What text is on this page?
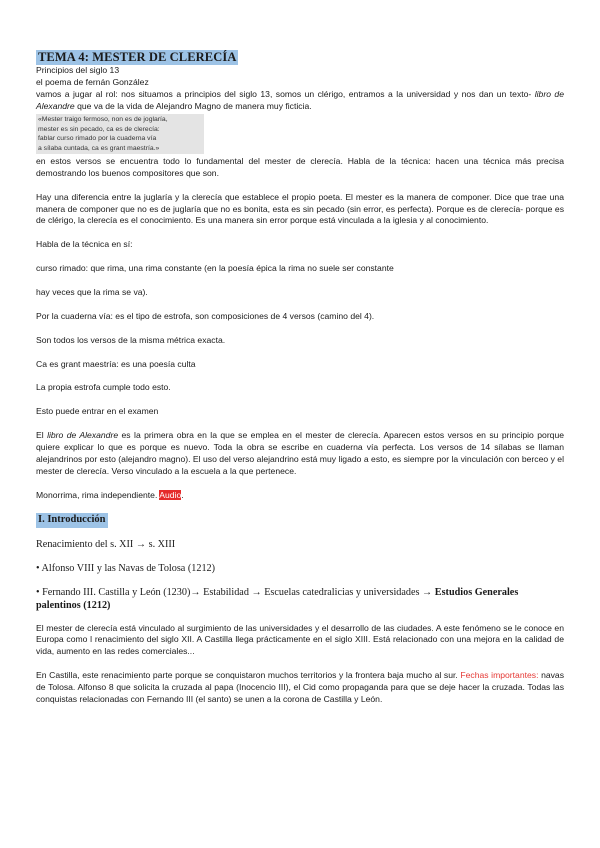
TEMA 4: MESTER DE CLERECÍA

Principios del siglo 13

el poema de fernán González

vamos a jugar al rol: nos situamos a principios del siglo 13, somos un clérigo, entramos a la universidad y nos dan un texto- libro de Alexandre que va de la vida de Alejandro Magno de manera muy ficticia.

«Mester traigo fermoso, non es de joglaría,
mester es sin pecado, ca es de clerecía:
fablar curso rimado por la cuaderna vía
a sílaba cuntada, ca es grant maestría.»

en estos versos se encuentra todo lo fundamental del mester de clerecía. Habla de la técnica: hacen una técnica más precisa demostrando los buenos compositores que son.

Hay una diferencia entre la juglaría y la clerecía que establece el propio poeta. El mester es la manera de componer. Dice que trae una manera de componer que no es de juglaría que no es bonita, esta es sin pecado (sin error, es perfecta). Porque es de clerecía- porque es de clérigo, la clerecía es el conocimiento. Es una manera sin error porque está vinculada a la iglesia y al conocimiento.

Habla de la técnica en sí:

curso rimado: que rima, una rima constante (en la poesía épica la rima no suele ser constante

hay veces que la rima se va).

Por la cuaderna vía: es el tipo de estrofa, son composiciones de 4 versos (camino del 4).

Son todos los versos de la misma métrica exacta.

Ca es grant maestría: es una poesía culta

La propia estrofa cumple todo esto.

Esto puede entrar en el examen

El libro de Alexandre es la primera obra en la que se emplea en el mester de clerecía. Aparecen estos versos en su principio porque quiere explicar lo que es porque es nuevo. Toda la obra se escribe en cuaderna vía perfecta. Los versos de 14 sílabas se llaman alejandrinos por esto (alejandro magno). El uso del verso alejandrino está muy ligado a esto, es siempre por la vinculación con berceo y el mester de clerecía. Verso vinculado a la escuela a la que pertenece.

Monorrima, rima independiente. Audio.

I. Introducción

Renacimiento del s. XII → s. XIII

• Alfonso VIII y las Navas de Tolosa (1212)

• Fernando III. Castilla y León (1230)→ Estabilidad → Escuelas catedralicias y universidades → Estudios Generales palentinos (1212)

El mester de clerecía está vinculado al surgimiento de las universidades y el desarrollo de las ciudades. A este fenómeno se le conoce en Europa como l renacimiento del siglo XII. A Castilla llega prácticamente en el siglo XIII. Está relacionado con una mejora en la calidad de vida, aumento en las redes comerciales...

En Castilla, este renacimiento parte porque se conquistaron muchos territorios y la frontera baja mucho al sur. Fechas importantes: navas de Tolosa. Alfonso 8 que solicita la cruzada al papa (Inocencio III), el Cid como propaganda para que se deje hacer la cruzada. Todas las conquistas relacionadas con Fernando III (el santo) se unen a la corona de Castilla y León.
